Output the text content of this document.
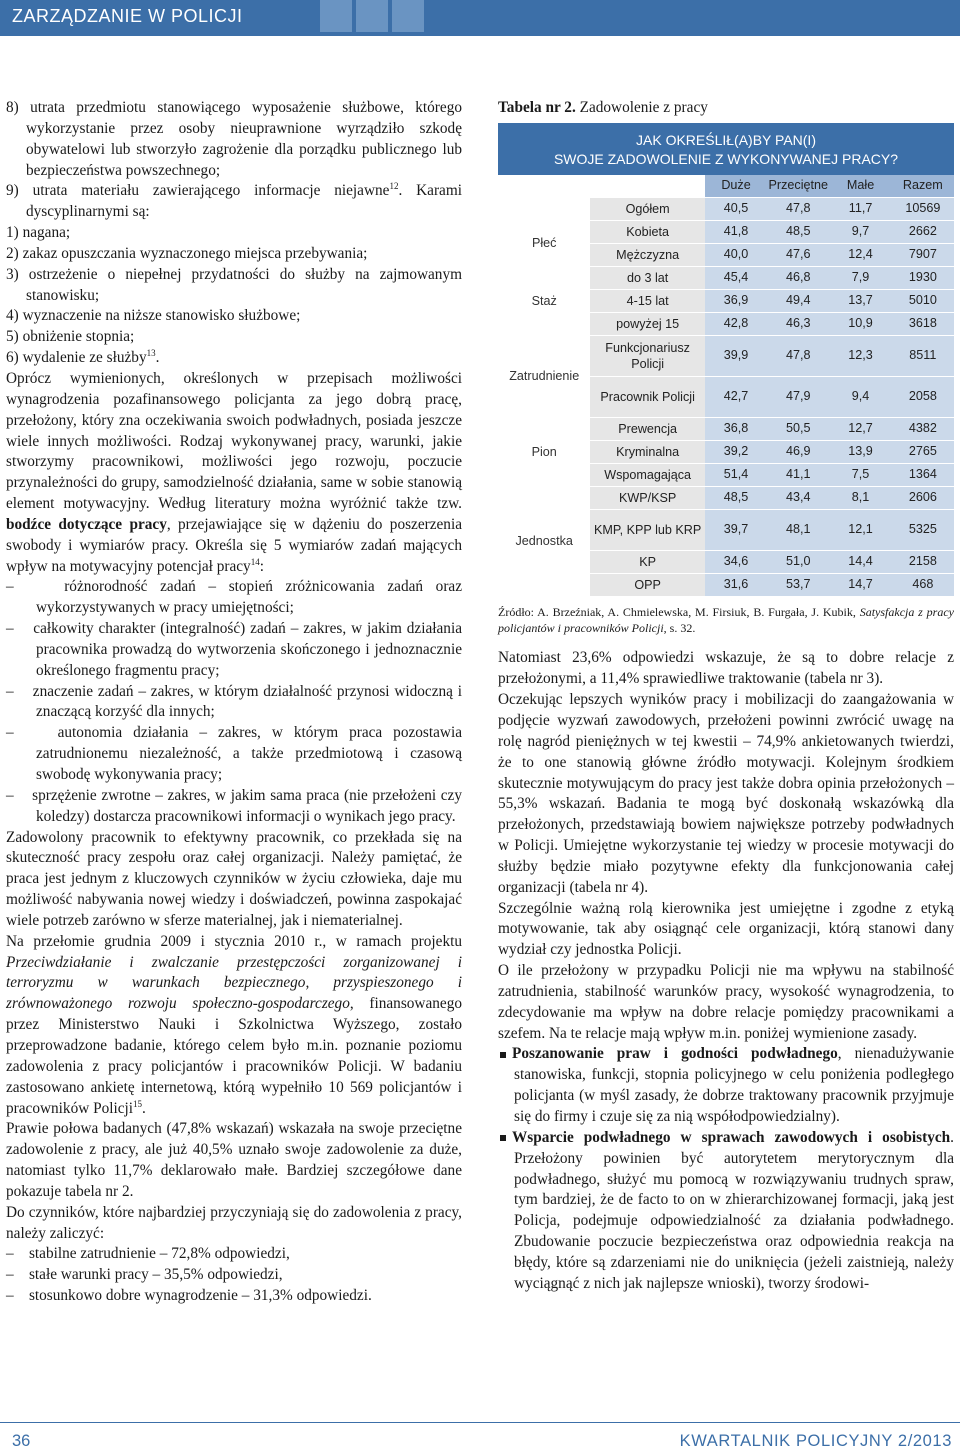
ZARZĄDZANIE W POLICJI

8) utrata przedmiotu stanowiącego wyposażenie służbowe, którego wykorzystanie przez osoby nieuprawnione wyrządziło szkodę obywatelowi lub stworzyło zagrożenie dla porządku publicznego lub bezpieczeństwa powszechnego;

9) utrata materiału zawierającego informacje niejawne$^{12}$. Karami dyscyplinarnymi są:

1) nagana;

2) zakaz opuszczania wyznaczonego miejsca przebywania;

3) ostrzeżenie o niepełnej przydatności do służby na zajmowanym stanowisku;

4) wyznaczenie na niższe stanowisko służbowe;

5) obniżenie stopnia;

6) wydalenie ze służby$^{13}$.

Oprócz wymienionych, określonych w przepisach możliwości wynagrodzenia pozafinansowego policjanta za jego dobrą pracę, przełożony, który zna oczekiwania swoich podwładnych, posiada jeszcze wiele innych możliwości. Rodzaj wykonywanej pracy, warunki, jakie stworzymy pracownikowi, możliwości jego rozwoju, poczucie przynależności do grupy, samodzielność działania, same w sobie stanowią element motywacyjny. Według literatury można wyróżnić także tzw. bodźce dotyczące pracy, przejawiające się w dążeniu do poszerzenia swobody i wymiarów pracy. Określa się 5 wymiarów zadań mających wpływ na motywacyjny potencjał pracy$^{14}$:

–    różnorodność zadań – stopień zróżnicowania zadań oraz wykorzystywanych w pracy umiejętności;

–    całkowity charakter (integralność) zadań – zakres, w jakim działania pracownika prowadzą do wytworzenia skończonego i jednoznacznie określonego fragmentu pracy;

–    znaczenie zadań – zakres, w którym działalność przynosi widoczną i znaczącą korzyść dla innych;

–    autonomia działania – zakres, w którym praca pozostawia zatrudnionemu niezależność, a także przedmiotową i czasową swobodę wykonywania pracy;

–    sprzężenie zwrotne – zakres, w jakim sama praca (nie przełożeni czy koledzy) dostarcza pracownikowi informacji o wynikach jego pracy.

Zadowolony pracownik to efektywny pracownik, co przekłada się na skuteczność pracy zespołu oraz całej organizacji. Należy pamiętać, że praca jest jednym z kluczowych czynników w życiu człowieka, daje mu możliwość nabywania nowej wiedzy i doświadczeń, powinna zaspokajać wiele potrzeb zarówno w sferze materialnej, jak i niematerialnej.

Na przełomie grudnia 2009 i stycznia 2010 r., w ramach projektu Przeciwdziałanie i zwalczanie przestępczości zorganizowanej i terroryzmu w warunkach bezpiecznego, przyspieszonego i zrównoważonego rozwoju społeczno-gospodarczego, finansowanego przez Ministerstwo Nauki i Szkolnictwa Wyższego, zostało przeprowadzone badanie, którego celem było m.in. poznanie poziomu zadowolenia z pracy policjantów i pracowników Policji. W badaniu zastosowano ankietę internetową, którą wypełniło 10 569 policjantów i pracowników Policji$^{15}$.

Prawie połowa badanych (47,8% wskazań) wskazała na swoje przeciętne zadowolenie z pracy, ale już 40,5% uznało swoje zadowolenie za duże, natomiast tylko 11,7% deklarowało małe. Bardziej szczegółowe dane pokazuje tabela nr 2.

Do czynników, które najbardziej przyczyniają się do zadowolenia z pracy, należy zaliczyć:

–    stabilne zatrudnienie – 72,8% odpowiedzi,

–    stałe warunki pracy – 35,5% odpowiedzi,

–    stosunkowo dobre wynagrodzenie – 31,3% odpowiedzi.

Tabela nr 2. Zadowolenie z pracy

JAK OKREŚLIŁ(A)BY PAN(I)
SWOJE ZADOWOLENIE Z WYKONYWANEJ PRACY?
		Duże	Przeciętne	Małe	Razem
	Ogółem	40,5	47,8	11,7	10569
Płeć	Kobieta	41,8	48,5	9,7	2662
	Mężczyzna	40,0	47,6	12,4	7907
Staż	do 3 lat	45,4	46,8	7,9	1930
	4-15 lat	36,9	49,4	13,7	5010
	powyżej 15	42,8	46,3	10,9	3618
Zatrudnienie	Funkcjonariusz Policji	39,9	47,8	12,3	8511
	Pracownik Policji	42,7	47,9	9,4	2058
Pion	Prewencja	36,8	50,5	12,7	4382
	Kryminalna	39,2	46,9	13,9	2765
	Wspomagająca	51,4	41,1	7,5	1364
Jednostka	KWP/KSP	48,5	43,4	8,1	2606
	KMP, KPP lub KRP	39,7	48,1	12,1	5325
	KP	34,6	51,0	14,4	2158
	OPP	31,6	53,7	14,7	468

Źródło: A. Brzeźniak, A. Chmielewska, M. Firsiuk, B. Furgała, J. Kubik, Satysfakcja z pracy policjantów i pracowników Policji, s. 32.

Natomiast 23,6% odpowiedzi wskazuje, że są to dobre relacje z przełożonymi, a 11,4% sprawiedliwe traktowanie (tabela nr 3).

Oczekując lepszych wyników pracy i mobilizacji do zaangażowania w podjęcie wyzwań zawodowych, przełożeni powinni zwrócić uwagę na rolę nagród pieniężnych w tej kwestii – 74,9% ankietowanych twierdzi, że to one stanowią główne źródło motywacji. Kolejnym środkiem skutecznie motywującym do pracy jest także dobra opinia przełożonych – 55,3% wskazań. Badania te mogą być doskonałą wskazówką dla przełożonych, przedstawiają bowiem największe potrzeby podwładnych w Policji. Umiejętne wykorzystanie tej wiedzy w procesie motywacji do służby będzie miało pozytywne efekty dla funkcjonowania całej organizacji (tabela nr 4).

Szczególnie ważną rolą kierownika jest umiejętne i zgodne z etyką motywowanie, tak aby osiągnąć cele organizacji, którą stanowi dany wydział czy jednostka Policji.

O ile przełożony w przypadku Policji nie ma wpływu na stabilność zatrudnienia, stabilność warunków pracy, wysokość wynagrodzenia, to zdecydowanie ma wpływ na dobre relacje pomiędzy pracownikami a szefem. Na te relacje mają wpływ m.in. poniżej wymienione zasady.

Poszanowanie praw i godności podwładnego, nienadużywanie stanowiska, funkcji, stopnia policyjnego w celu poniżenia podległego policjanta (w myśl zasady, że dobrze traktowany pracownik przyjmuje się do firmy i czuje się za nią współodpowiedzialny).

Wsparcie podwładnego w sprawach zawodowych i osobistych. Przełożony powinien być autorytetem merytorycznym dla podwładnego, służyć mu pomocą w rozwiązywaniu trudnych spraw, tym bardziej, że de facto to on w zhierarchizowanej formacji, jaką jest Policja, podejmuje odpowiedzialność za działania podwładnego. Zbudowanie poczucie bezpieczeństwa oraz odpowiednia reakcja na błędy, które są zdarzeniami nie do uniknięcia (jeżeli zaistnieją, należy wyciągnąć z nich jak najlepsze wnioski), tworzy środowi-

36	KWARTALNIK POLICYJNY 2/2013
